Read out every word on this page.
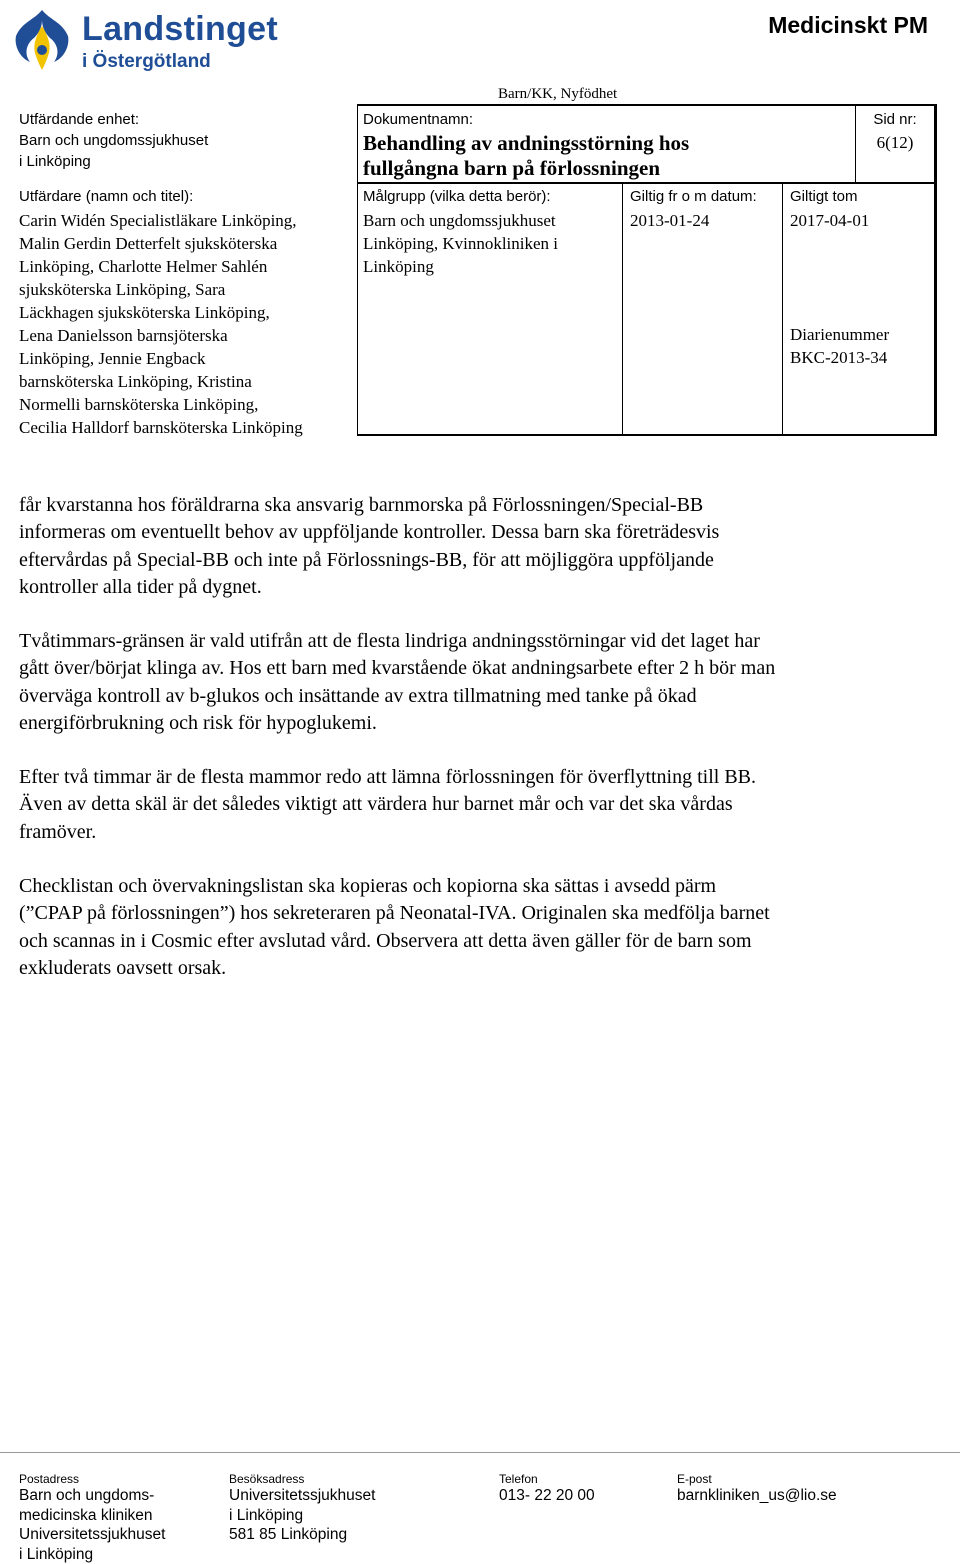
Landstinget
i Östergötland
Medicinskt PM
Barn/KK, Nyfödhet
Utfärdande enhet:
Barn och ungdomssjukhuset
i Linköping
Dokumentnamn:
Behandling av andningsstörning hos
fullgångna barn på förlossningen
Sid nr:
6(12)
Utfärdare (namn och titel):
Carin Widén Specialistläkare Linköping,
Malin Gerdin Detterfelt sjuksköterska
Linköping, Charlotte Helmer Sahlén
sjuksköterska Linköping, Sara
Läckhagen sjuksköterska Linköping,
Lena Danielsson barnsjöterska
Linköping, Jennie Engback
barnsköterska Linköping, Kristina
Normelli barnsköterska Linköping,
Cecilia Halldorf barnsköterska Linköping
Målgrupp (vilka detta berör):
Barn och ungdomssjukhuset
Linköping, Kvinnokliniken i
Linköping
Giltig fr o m datum:
2013-01-24
Giltigt tom
2017-04-01
Diarienummer
BKC-2013-34
får kvarstanna hos föräldrarna ska ansvarig barnmorska på Förlossningen/Special-BB
informeras om eventuellt behov av uppföljande kontroller. Dessa barn ska företrädesvis
eftervårdas på Special-BB och inte på Förlossnings-BB, för att möjliggöra uppföljande
kontroller alla tider på dygnet.
Tvåtimmars-gränsen är vald utifrån att de flesta lindriga andningsstörningar vid det laget har
gått över/börjat klinga av. Hos ett barn med kvarstående ökat andningsarbete efter 2 h bör man
överväga kontroll av b-glukos och insättande av extra tillmatning med tanke på ökad
energiförbrukning och risk för hypoglukemi.
Efter två timmar är de flesta mammor redo att lämna förlossningen för överflyttning till BB.
Även av detta skäl är det således viktigt att värdera hur barnet mår och var det ska vårdas
framöver.
Checklistan och övervakningslistan ska kopieras och kopiorna ska sättas i avsedd pärm
(”CPAP på förlossningen”) hos sekreteraren på Neonatal-IVA. Originalen ska medfölja barnet
och scannas in i Cosmic efter avslutad vård. Observera att detta även gäller för de barn som
exkluderats oavsett orsak.
Postadress
Barn och ungdoms-
medicinska kliniken
Universitetssjukhuset
i Linköping
Besöksadress
Universitetssjukhuset
i Linköping
581 85 Linköping
Telefon
013- 22 20 00
E-post
barnkliniken_us@lio.se
